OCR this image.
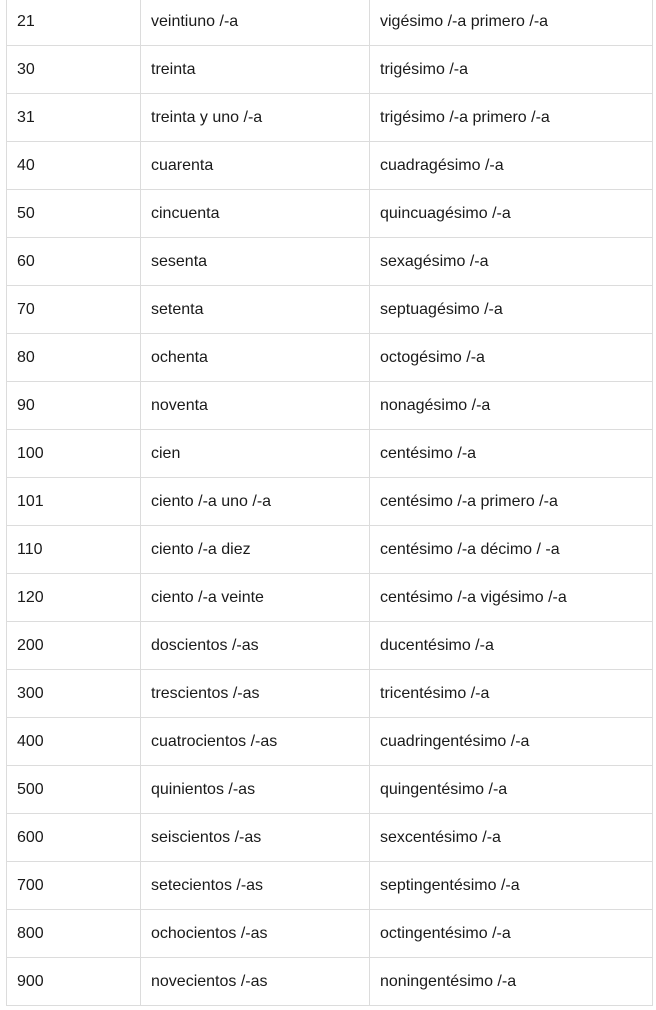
21	veintiuno /-a	vigésimo /-a primero /-a
30	treinta	trigésimo /-a
31	treinta y uno /-a	trigésimo /-a primero /-a
40	cuarenta	cuadragésimo /-a
50	cincuenta	quincuagésimo /-a
60	sesenta	sexagésimo /-a
70	setenta	septuagésimo /-a
80	ochenta	octogésimo /-a
90	noventa	nonagésimo /-a
100	cien	centésimo /-a
101	ciento /-a uno /-a	centésimo /-a primero /-a
110	ciento /-a diez	centésimo /-a décimo / -a
120	ciento /-a veinte	centésimo /-a vigésimo /-a
200	doscientos /-as	ducentésimo /-a
300	trescientos /-as	tricentésimo /-a
400	cuatrocientos /-as	cuadringentésimo /-a
500	quinientos /-as	quingentésimo /-a
600	seiscientos /-as	sexcentésimo /-a
700	setecientos /-as	septingentésimo /-a
800	ochocientos /-as	octingentésimo /-a
900	novecientos /-as	noningentésimo /-a
